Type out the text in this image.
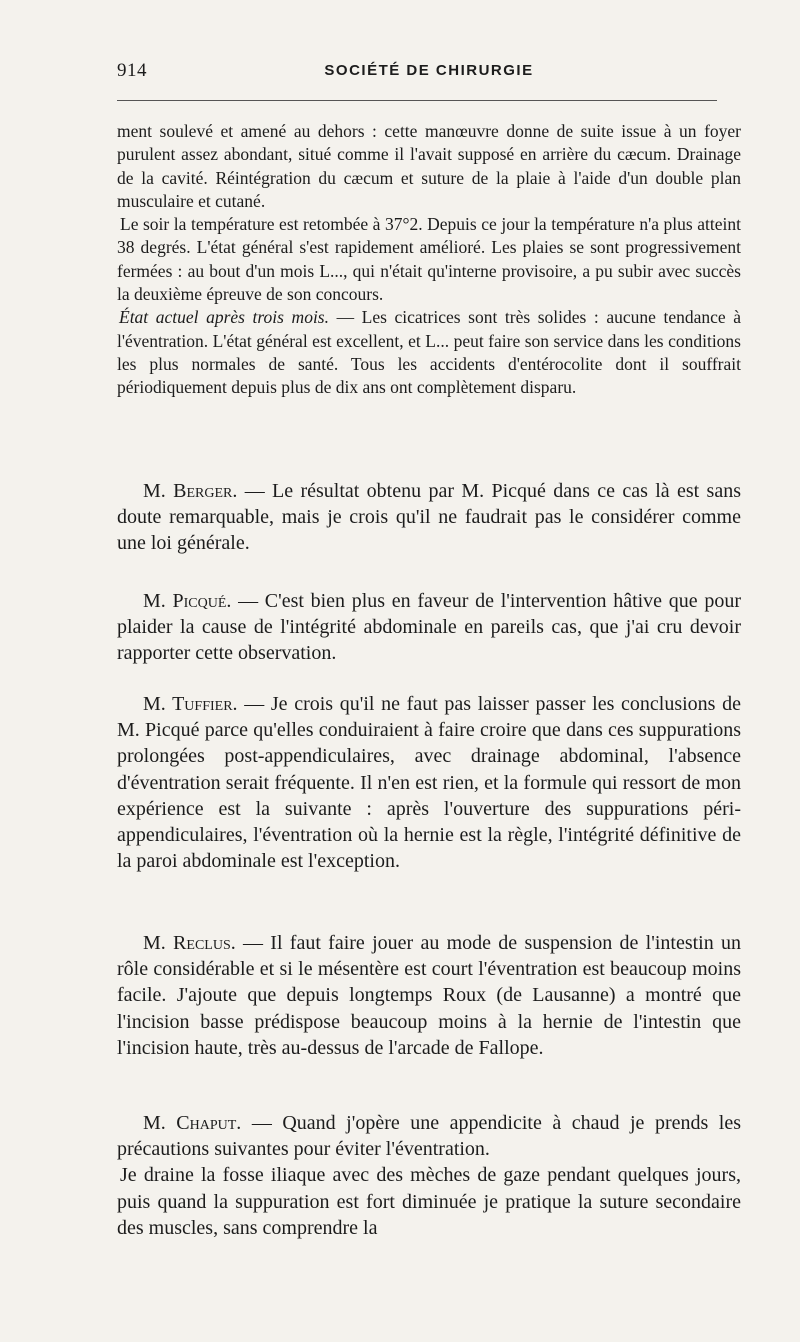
914	SOCIÉTÉ DE CHIRURGIE

ment soulevé et amené au dehors : cette manœuvre donne de suite issue à un foyer purulent assez abondant, situé comme il l'avait supposé en arrière du cæcum. Drainage de la cavité. Réintégration du cæcum et suture de la plaie à l'aide d'un double plan musculaire et cutané.

Le soir la température est retombée à 37°2. Depuis ce jour la température n'a plus atteint 38 degrés. L'état général s'est rapidement amélioré. Les plaies se sont progressivement fermées : au bout d'un mois L..., qui n'était qu'interne provisoire, a pu subir avec succès la deuxième épreuve de son concours.

État actuel après trois mois. — Les cicatrices sont très solides : aucune tendance à l'éventration. L'état général est excellent, et L... peut faire son service dans les conditions les plus normales de santé. Tous les accidents d'entérocolite dont il souffrait périodiquement depuis plus de dix ans ont complètement disparu.

M. Berger. — Le résultat obtenu par M. Picqué dans ce cas là est sans doute remarquable, mais je crois qu'il ne faudrait pas le considérer comme une loi générale.

M. Picqué. — C'est bien plus en faveur de l'intervention hâtive que pour plaider la cause de l'intégrité abdominale en pareils cas, que j'ai cru devoir rapporter cette observation.

M. Tuffier. — Je crois qu'il ne faut pas laisser passer les conclusions de M. Picqué parce qu'elles conduiraient à faire croire que dans ces suppurations prolongées post-appendiculaires, avec drainage abdominal, l'absence d'éventration serait fréquente. Il n'en est rien, et la formule qui ressort de mon expérience est la suivante : après l'ouverture des suppurations péri-appendiculaires, l'éventration où la hernie est la règle, l'intégrité définitive de la paroi abdominale est l'exception.

M. Reclus. — Il faut faire jouer au mode de suspension de l'intestin un rôle considérable et si le mésentère est court l'éventration est beaucoup moins facile. J'ajoute que depuis longtemps Roux (de Lausanne) a montré que l'incision basse prédispose beaucoup moins à la hernie de l'intestin que l'incision haute, très au-dessus de l'arcade de Fallope.

M. Chaput. — Quand j'opère une appendicite à chaud je prends les précautions suivantes pour éviter l'éventration.

Je draine la fosse iliaque avec des mèches de gaze pendant quelques jours, puis quand la suppuration est fort diminuée je pratique la suture secondaire des muscles, sans comprendre la
